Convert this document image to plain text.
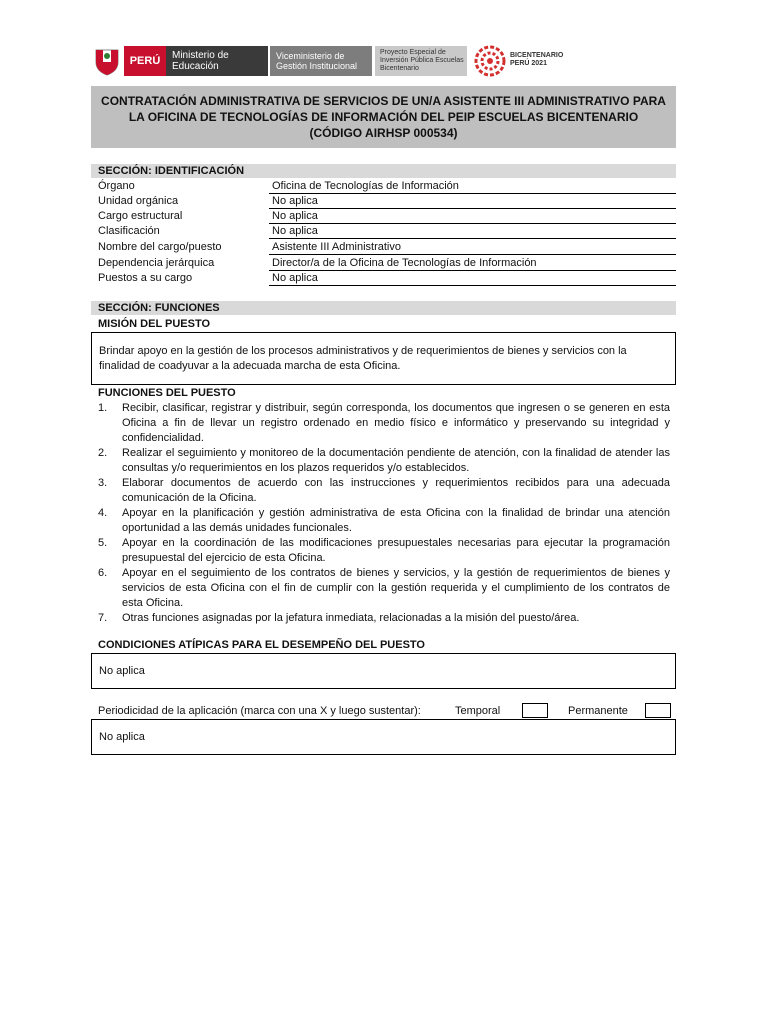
PERÚ	Ministerio de Educación
Viceministerio de Gestión Institucional
Proyecto Especial de Inversión Pública Escuelas Bicentenario
BICENTENARIO
PERÚ 2021
CONTRATACIÓN ADMINISTRATIVA DE SERVICIOS DE UN/A ASISTENTE III ADMINISTRATIVO PARA LA OFICINA DE TECNOLOGÍAS DE INFORMACIÓN DEL PEIP ESCUELAS BICENTENARIO (CÓDIGO AIRHSP 000534)
SECCIÓN: IDENTIFICACIÓN
Órgano	Oficina de Tecnologías de Información
Unidad orgánica	No aplica
Cargo estructural	No aplica
Clasificación	No aplica
Nombre del cargo/puesto	Asistente III Administrativo
Dependencia jerárquica	Director/a de la Oficina de Tecnologías de Información
Puestos a su cargo	No aplica
SECCIÓN: FUNCIONES
MISIÓN DEL PUESTO
Brindar apoyo en la gestión de los procesos administrativos y de requerimientos de bienes y servicios con la finalidad de coadyuvar a la adecuada marcha de esta Oficina.
FUNCIONES DEL PUESTO
1.	Recibir, clasificar, registrar y distribuir, según corresponda, los documentos que ingresen o se generen en esta Oficina a fin de llevar un registro ordenado en medio físico e informático y preservando su integridad y confidencialidad.
2.	Realizar el seguimiento y monitoreo de la documentación pendiente de atención, con la finalidad de atender las consultas y/o requerimientos en los plazos requeridos y/o establecidos.
3.	Elaborar documentos de acuerdo con las instrucciones y requerimientos recibidos para una adecuada comunicación de la Oficina.
4.	Apoyar en la planificación y gestión administrativa de esta Oficina con la finalidad de brindar una atención oportunidad a las demás unidades funcionales.
5.	Apoyar en la coordinación de las modificaciones presupuestales necesarias para ejecutar la programación presupuestal del ejercicio de esta Oficina.
6.	Apoyar en el seguimiento de los contratos de bienes y servicios, y la gestión de requerimientos de bienes y servicios de esta Oficina con el fin de cumplir con la gestión requerida y el cumplimiento de los contratos de esta Oficina.
7.	Otras funciones asignadas por la jefatura inmediata, relacionadas a la misión del puesto/área.
CONDICIONES ATÍPICAS PARA EL DESEMPEÑO DEL PUESTO
No aplica
Periodicidad de la aplicación (marca con una X y luego sustentar):	Temporal	Permanente
No aplica
